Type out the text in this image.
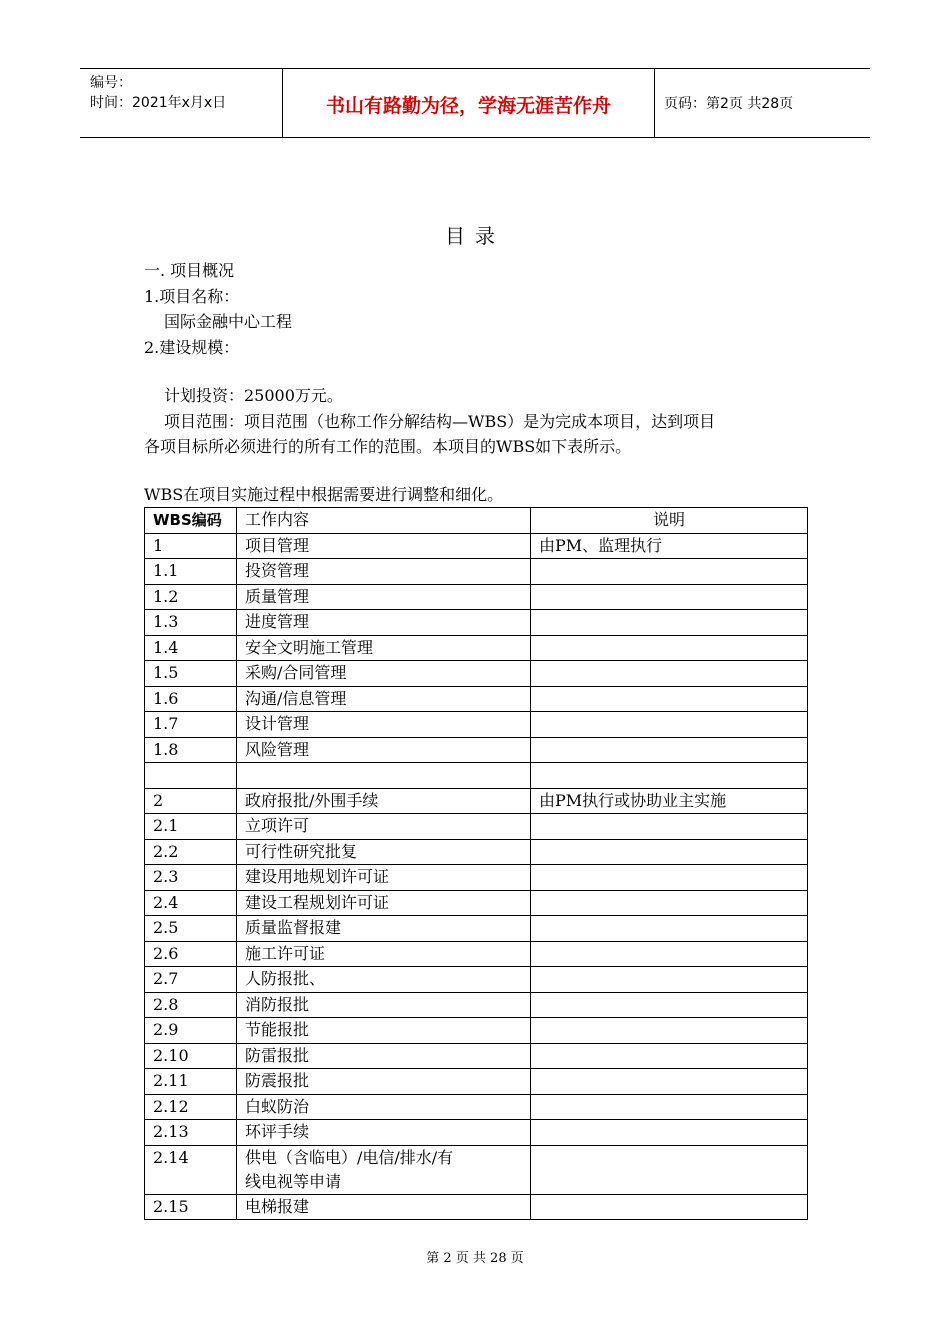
编号：
时间：2021年x月x日	书山有路勤为径，学海无涯苦作舟	页码：第2页 共28页
目录
一. 项目概况
1.项目名称：
国际金融中心工程
2.建设规模：
计划投资：25000万元。
项目范围：项目范围（也称工作分解结构—WBS）是为完成本项目，达到项目
各项目标所必须进行的所有工作的范围。本项目的WBS如下表所示。
WBS在项目实施过程中根据需要进行调整和细化。
WBS编码	工作内容	说明
1	项目管理	由PM、监理执行
1.1	投资管理	
1.2	质量管理	
1.3	进度管理	
1.4	安全文明施工管理	
1.5	采购/合同管理	
1.6	沟通/信息管理	
1.7	设计管理	
1.8	风险管理	

2	政府报批/外围手续	由PM执行或协助业主实施
2.1	立项许可	
2.2	可行性研究批复	
2.3	建设用地规划许可证	
2.4	建设工程规划许可证	
2.5	质量监督报建	
2.6	施工许可证	
2.7	人防报批、	
2.8	消防报批	
2.9	节能报批	
2.10	防雷报批	
2.11	防震报批	
2.12	白蚁防治	
2.13	环评手续	
2.14	供电（含临电）/电信/排水/有
线电视等申请	

2.15	电梯报建	
第 2 页 共 28 页
